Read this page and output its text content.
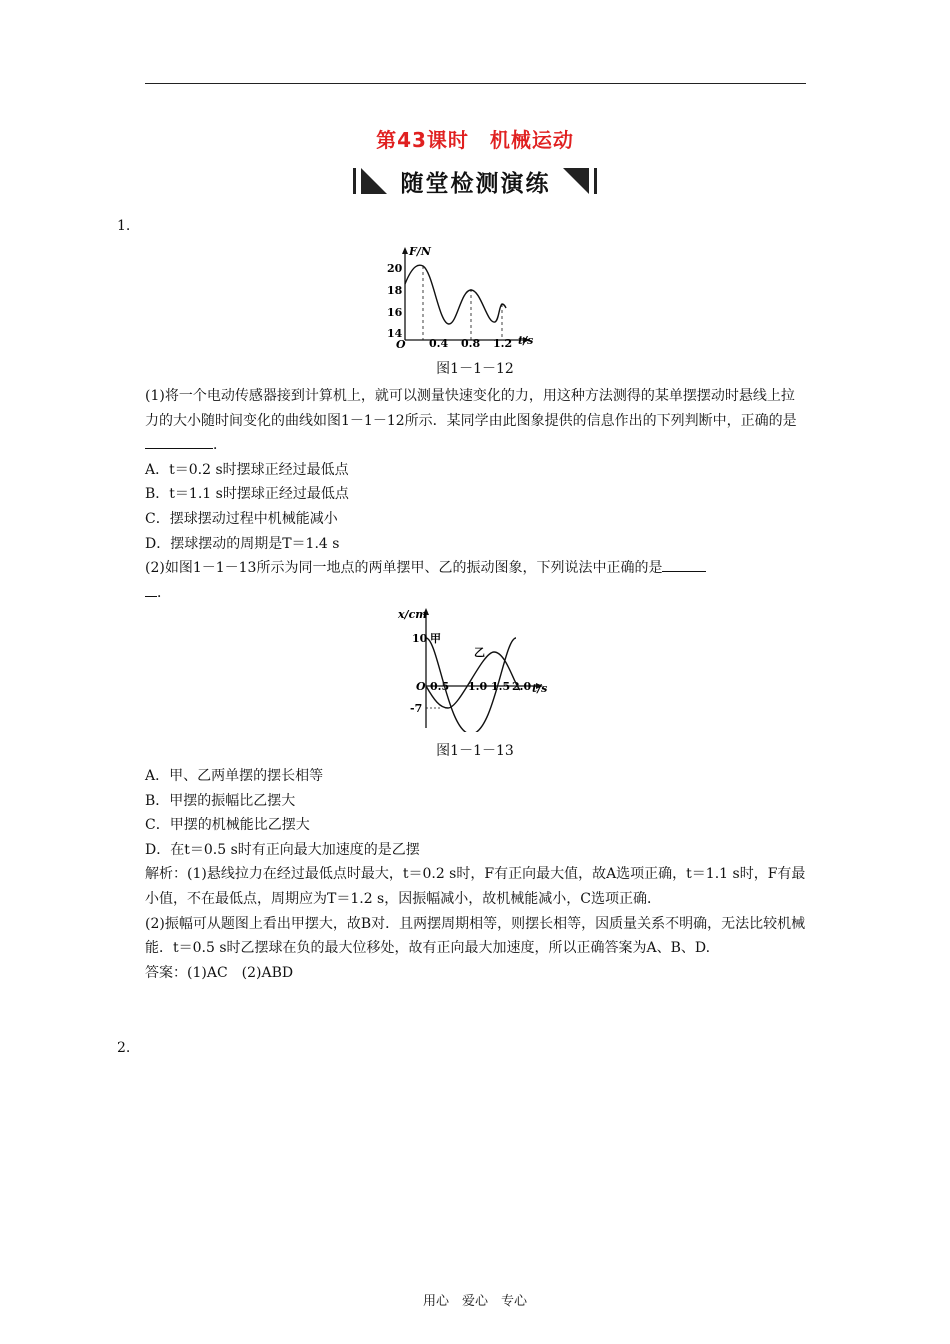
第43课时　机械运动
随堂检测演练
1.
F/N
t/s
O
20
18
16
14
0.4 0.8 1.2
图1－1－12

(1)将一个电动传感器接到计算机上，就可以测量快速变化的力，用这种方法测得的某单摆摆动时悬线上拉力的大小随时间变化的曲线如图1－1－12所示．某同学由此图象提供的信息作出的下列判断中，正确的是．

A．t＝0.2 s时摆球正经过最低点

B．t＝1.1 s时摆球正经过最低点

C．摆球摆动过程中机械能减小

D．摆球摆动的周期是T＝1.4 s

(2)如图1－1－13所示为同一地点的两单摆甲、乙的振动图象，下列说法中正确的是
．

x/cm
t/s
O
10
-7
甲
乙
0.5 1.0 1.5 2.0
图1－1－13

A．甲、乙两单摆的摆长相等

B．甲摆的振幅比乙摆大

C．甲摆的机械能比乙摆大

D．在t＝0.5 s时有正向最大加速度的是乙摆

解析：(1)悬线拉力在经过最低点时最大，t＝0.2 s时，F有正向最大值，故A选项正确，t＝1.1 s时，F有最小值，不在最低点，周期应为T＝1.2 s，因振幅减小，故机械能减小，C选项正确．

(2)振幅可从题图上看出甲摆大，故B对．且两摆周期相等，则摆长相等，因质量关系不明确，无法比较机械能．t＝0.5 s时乙摆球在负的最大位移处，故有正向最大加速度，所以正确答案为A、B、D.

答案：(1)AC　(2)ABD

2.
用心　爱心　专心
